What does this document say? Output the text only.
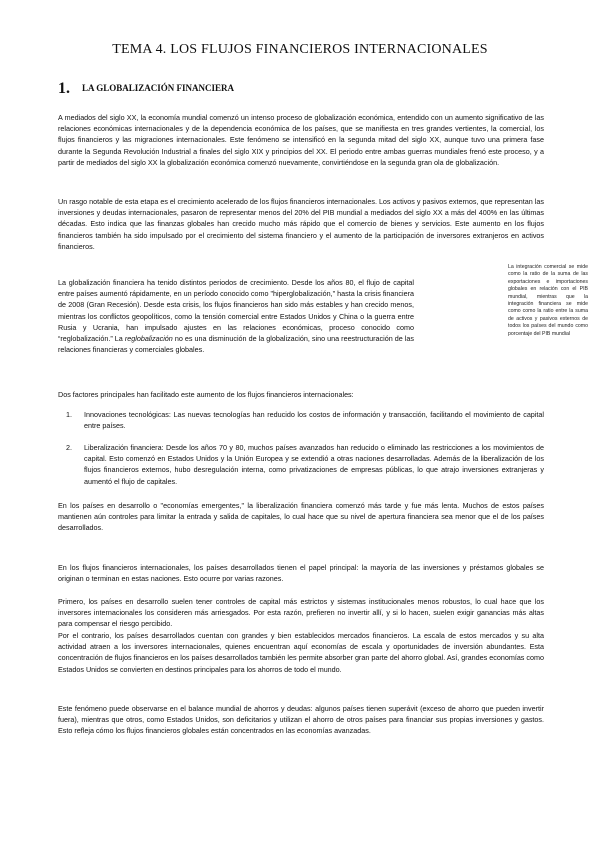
TEMA 4. LOS FLUJOS FINANCIEROS INTERNACIONALES
1. LA GLOBALIZACIÓN FINANCIERA

A mediados del siglo XX, la economía mundial comenzó un intenso proceso de globalización económica, entendido con un aumento significativo de las relaciones económicas internacionales y de la dependencia económica de los países, que se manifiesta en tres grandes vertientes, la comercial, los flujos financieros y las migraciones internacionales. Este fenómeno se intensificó en la segunda mitad del siglo XX, aunque tuvo una primera fase durante la Segunda Revolución Industrial a finales del siglo XIX y principios del XX. El periodo entre ambas guerras mundiales frenó este proceso, y a partir de mediados del siglo XX la globalización económica comenzó nuevamente, convirtiéndose en la segunda gran ola de globalización.

Un rasgo notable de esta etapa es el crecimiento acelerado de los flujos financieros internacionales. Los activos y pasivos externos, que representan las inversiones y deudas internacionales, pasaron de representar menos del 20% del PIB mundial a mediados del siglo XX a más del 400% en las últimas décadas. Esto indica que las finanzas globales han crecido mucho más rápido que el comercio de bienes y servicios. Este aumento en los flujos financieros también ha sido impulsado por el crecimiento del sistema financiero y el aumento de la participación de inversores extranjeros en activos financieros.

La globalización financiera ha tenido distintos periodos de crecimiento. Desde los años 80, el flujo de capital entre países aumentó rápidamente, en un período conocido como "hiperglobalización," hasta la crisis financiera de 2008 (Gran Recesión). Desde esta crisis, los flujos financieros han sido más estables y han crecido menos, mientras los conflictos geopolíticos, como la tensión comercial entre Estados Unidos y China o la guerra entre Rusia y Ucrania, han impulsado ajustes en las relaciones económicas, proceso conocido como “reglobalización.” La reglobalización no es una disminución de la globalización, sino una reestructuración de las relaciones financieras y comerciales globales.

La integración comercial se mide como la ratio de la suma de las exportaciones e importaciones globales en relación con el PIB mundial, mientras que la integración financiera se mide como como la ratio entre la suma de activos y pasivos externos de todos los países del mundo como porcentaje del PIB mundial

Dos factores principales han facilitado este aumento de los flujos financieros internacionales:

1. Innovaciones tecnológicas: Las nuevas tecnologías han reducido los costos de información y transacción, facilitando el movimiento de capital entre países.
2. Liberalización financiera: Desde los años 70 y 80, muchos países avanzados han reducido o eliminado las restricciones a los movimientos de capital. Esto comenzó en Estados Unidos y la Unión Europea y se extendió a otras naciones desarrolladas. Además de la liberalización de los flujos financieros externos, hubo desregulación interna, como privatizaciones de empresas públicas, lo que atrajo inversiones extranjeras y aumentó el flujo de capitales.

En los países en desarrollo o "economías emergentes," la liberalización financiera comenzó más tarde y fue más lenta. Muchos de estos países mantienen aún controles para limitar la entrada y salida de capitales, lo cual hace que su nivel de apertura financiera sea menor que el de los países desarrollados.

En los flujos financieros internacionales, los países desarrollados tienen el papel principal: la mayoría de las inversiones y préstamos globales se originan o terminan en estas naciones. Esto ocurre por varias razones.

Primero, los países en desarrollo suelen tener controles de capital más estrictos y sistemas institucionales menos robustos, lo cual hace que los inversores internacionales los consideren más arriesgados. Por esta razón, prefieren no invertir allí, y si lo hacen, suelen exigir ganancias más altas para compensar el riesgo percibido.

Por el contrario, los países desarrollados cuentan con grandes y bien establecidos mercados financieros. La escala de estos mercados y su alta actividad atraen a los inversores internacionales, quienes encuentran aquí economías de escala y oportunidades de inversión abundantes. Esta concentración de flujos financieros en los países desarrollados también les permite absorber gran parte del ahorro global. Así, grandes economías como Estados Unidos se convierten en destinos principales para los ahorros de todo el mundo.

Este fenómeno puede observarse en el balance mundial de ahorros y deudas: algunos países tienen superávit (exceso de ahorro que pueden invertir fuera), mientras que otros, como Estados Unidos, son deficitarios y utilizan el ahorro de otros países para financiar sus propias inversiones y gastos. Esto refleja cómo los flujos financieros globales están concentrados en las economías avanzadas.
